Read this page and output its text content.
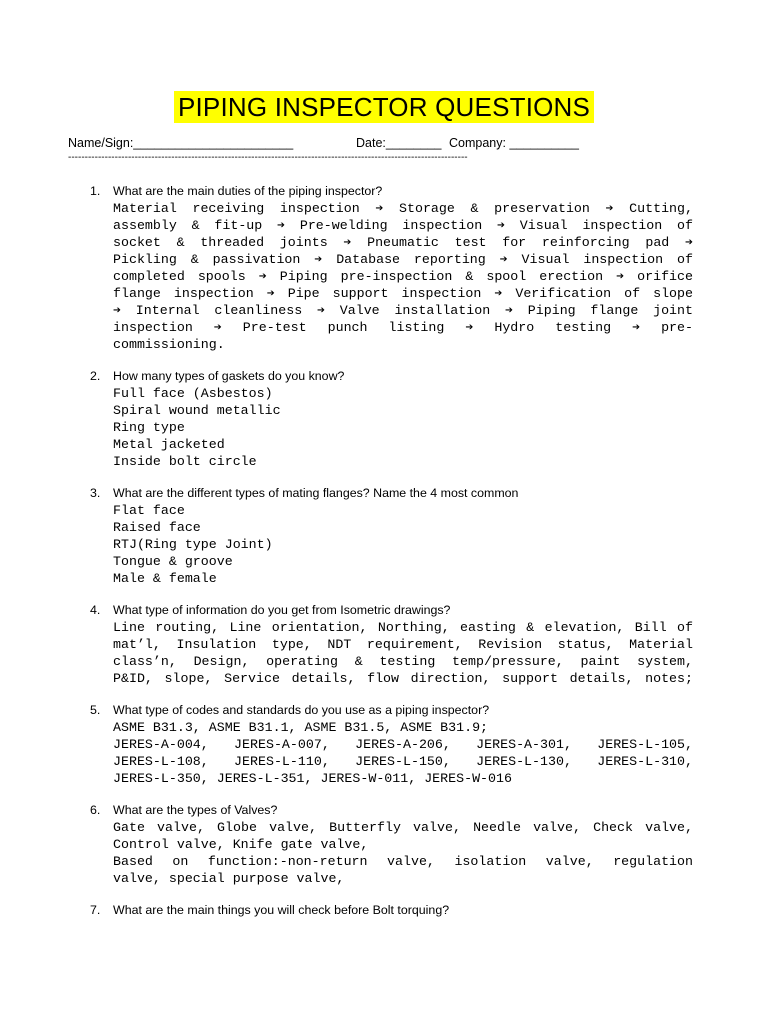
PIPING INSPECTOR QUESTIONS
Name/Sign:_______________________	Date:________ Company: __________
------------------------------------------------------------------------------------------------------------------------
What are the main duties of the piping inspector?
1.
Material receiving inspection ➔ Storage & preservation ➔ Cutting,
assembly & fit-up ➔ Pre-welding inspection ➔ Visual inspection of
socket & threaded joints ➔ Pneumatic test for reinforcing pad ➔
Pickling & passivation ➔ Database reporting ➔ Visual inspection of
completed spools ➔ Piping pre-inspection & spool erection ➔ orifice
flange inspection ➔ Pipe support inspection ➔ Verification of slope
➔ Internal cleanliness ➔ Valve installation ➔ Piping flange joint
inspection ➔ Pre-test punch listing ➔ Hydro testing ➔ pre-
commissioning.
How many types of gaskets do you know?
2.
Full face (Asbestos)
Spiral wound metallic
Ring type
Metal jacketed
Inside bolt circle
What are the different types of mating flanges? Name the 4 most common
3.
Flat face
Raised face
RTJ(Ring type Joint)
Tongue & groove
Male & female
What type of information do you get from Isometric drawings?
4.
Line routing, Line orientation, Northing, easting & elevation, Bill of
mat’l, Insulation type, NDT requirement, Revision status, Material
class’n, Design, operating & testing temp/pressure, paint system,
P&ID, slope, Service details, flow direction, support details, notes;
What type of codes and standards do you use as a piping inspector?
5.
ASME B31.3, ASME B31.1, ASME B31.5, ASME B31.9;
JERES-A-004, JERES-A-007, JERES-A-206, JERES-A-301, JERES-L-105,
JERES-L-108, JERES-L-110, JERES-L-150, JERES-L-130, JERES-L-310,
JERES-L-350, JERES-L-351, JERES-W-011, JERES-W-016
What are the types of Valves?
6.
Gate valve, Globe valve, Butterfly valve, Needle valve, Check valve,
Control valve, Knife gate valve,
Based on function:-non-return valve, isolation valve, regulation
valve, special purpose valve,
What are the main things you will check before Bolt torquing?
7.
